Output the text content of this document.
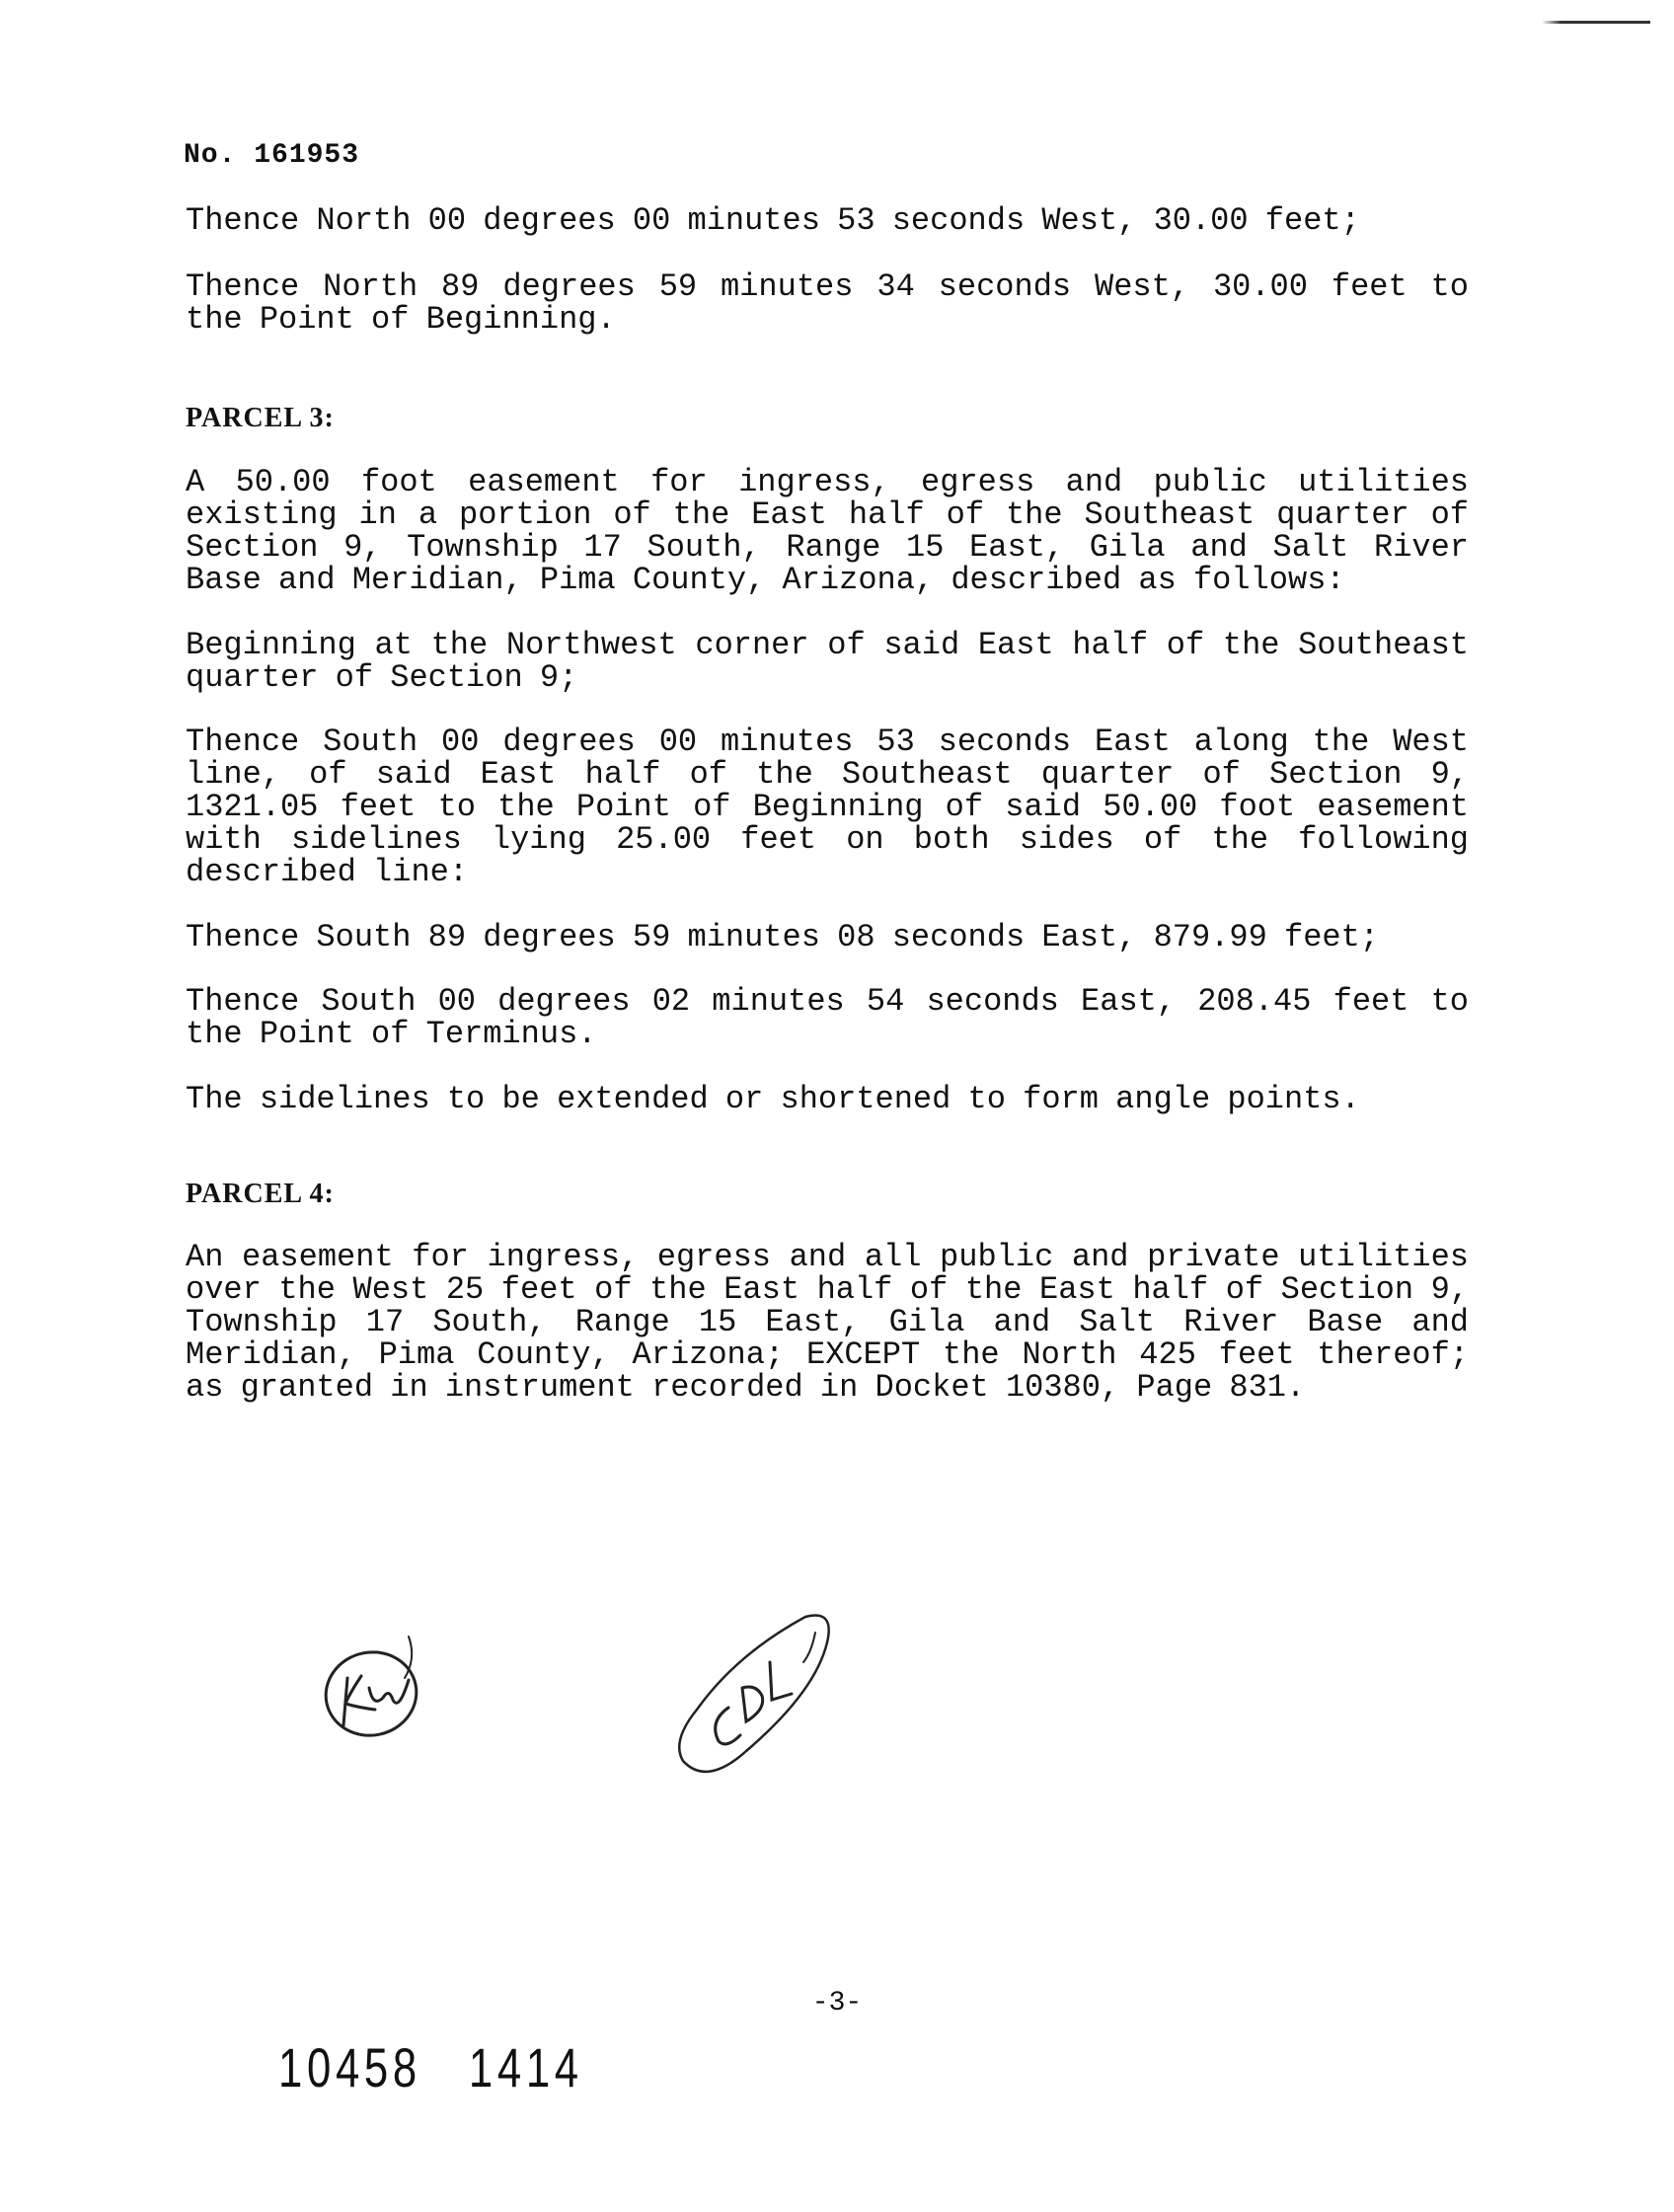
No. 161953
Thence North 00 degrees 00 minutes 53 seconds West, 30.00 feet;
Thence North 89 degrees 59 minutes 34 seconds West, 30.00 feet to the Point of Beginning.
PARCEL 3:
A 50.00 foot easement for ingress, egress and public utilities existing in a portion of the East half of the Southeast quarter of Section 9, Township 17 South, Range 15 East, Gila and Salt River Base and Meridian, Pima County, Arizona, described as follows:
Beginning at the Northwest corner of said East half of the Southeast quarter of Section 9;
Thence South 00 degrees 00 minutes 53 seconds East along the West line, of said East half of the Southeast quarter of Section 9, 1321.05 feet to the Point of Beginning of said 50.00 foot easement with sidelines lying 25.00 feet on both sides of the following described line:
Thence South 89 degrees 59 minutes 08 seconds East, 879.99 feet;
Thence South 00 degrees 02 minutes 54 seconds East, 208.45 feet to the Point of Terminus.
The sidelines to be extended or shortened to form angle points.
PARCEL 4:
An easement for ingress, egress and all public and private utilities over the West 25 feet of the East half of the East half of Section 9, Township 17 South, Range 15 East, Gila and Salt River Base and Meridian, Pima County, Arizona; EXCEPT the North 425 feet thereof; as granted in instrument recorded in Docket 10380, Page 831.
-3-
10458 1414
